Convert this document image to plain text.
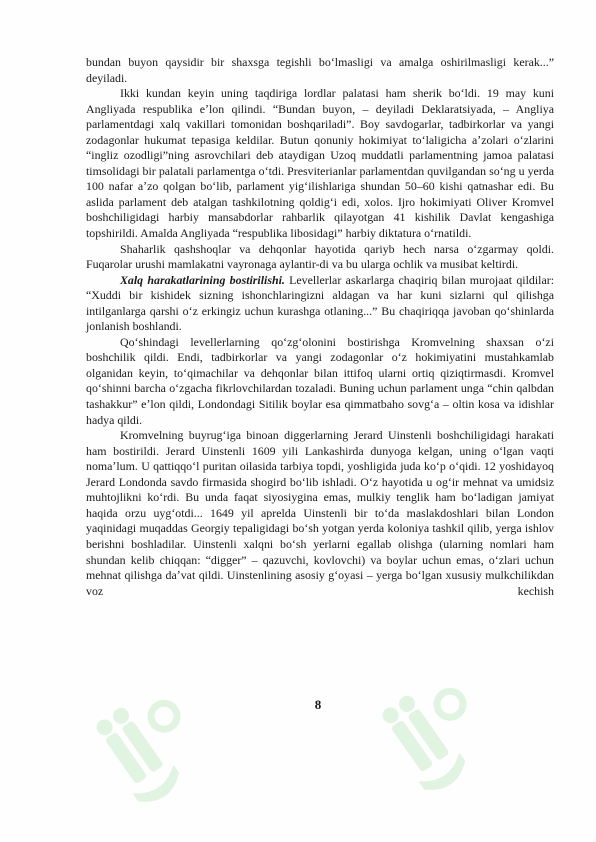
bundan buyon qaysidir bir shaxsga tegishli boʻlmasligi va amalga oshirilmasligi kerak...” deyiladi.

Ikki kundan keyin uning taqdiriga lordlar palatasi ham sherik boʻldi. 19 may kuni Angliyada respublika eʼlon qilindi. “Bundan buyon, – deyiladi Deklaratsiyada, – Angliya parlamentdagi xalq vakillari tomonidan boshqariladi”. Boy savdogarlar, tadbirkorlar va yangi zodagonlar hukumat tepasiga keldilar. Butun qonuniy hokimiyat toʻlaligicha aʼzolari oʻzlarini “ingliz ozodligi”ning asrovchilari deb ataydigan Uzoq muddatli parlamentning jamoa palatasi timsolidagi bir palatali parlamentga oʻtdi. Presviterianlar parlamentdan quvilgandan soʻng u yerda 100 nafar aʼzo qolgan boʻlib, parlament yigʻilishlariga shundan 50–60 kishi qatnashar edi. Bu aslida parlament deb atalgan tashkilotning qoldigʻi edi, xolos. Ijro hokimiyati Oliver Kromvel boshchiligidagi harbiy mansabdorlar rahbarlik qilayotgan 41 kishilik Davlat kengashiga topshirildi. Amalda Angliyada “respublika libosidagi” harbiy diktatura oʻrnatildi.

Shaharlik qashshoqlar va dehqonlar hayotida qariyb hech narsa oʻzgarmay qoldi. Fuqarolar urushi mamlakatni vayronaga aylantir-di va bu ularga ochlik va musibat keltirdi.

Xalq harakatlarining bostirilishi. Levellerlar askarlarga chaqiriq bilan murojaat qildilar: “Xuddi bir kishidek sizning ishonchlaringizni aldagan va har kuni sizlarni qul qilishga intilganlarga qarshi oʻz erkingiz uchun kurashga otlaning...” Bu chaqiriqqa javoban qoʻshinlarda jonlanish boshlandi.

Qoʻshindagi levellerlarning qoʻzgʻolonini bostirishga Kromvelning shaxsan oʻzi boshchilik qildi. Endi, tadbirkorlar va yangi zodagonlar oʻz hokimiyatini mustahkamlab olganidan keyin, toʻqimachilar va dehqonlar bilan ittifoq ularni ortiq qiziqtirmasdi. Kromvel qoʻshinni barcha oʻzgacha fikrlovchilardan tozaladi. Buning uchun parlament unga “chin qalbdan tashakkur” eʼlon qildi, Londondagi Sitilik boylar esa qimmatbaho sovgʻa – oltin kosa va idishlar hadya qildi.

Kromvelning buyrugʻiga binoan diggerlarning Jerard Uinstenli boshchiligidagi harakati ham bostirildi. Jerard Uinstenli 1609 yili Lankashirda dunyoga kelgan, uning oʻlgan vaqti nomaʼlum. U qattiqqoʻl puritan oilasida tarbiya topdi, yoshligida juda koʻp oʻqidi. 12 yoshidayoq Jerard Londonda savdo firmasida shogird boʻlib ishladi. Oʻz hayotida u ogʻir mehnat va umidsiz muhtojlikni koʻrdi. Bu unda faqat siyosiygina emas, mulkiy tenglik ham boʻladigan jamiyat haqida orzu uygʻotdi... 1649 yil aprelda Uinstenli bir toʻda maslakdoshlari bilan London yaqinidagi muqaddas Georgiy tepaligidagi boʻsh yotgan yerda koloniya tashkil qilib, yerga ishlov berishni boshladilar. Uinstenli xalqni boʻsh yerlarni egallab olishga (ularning nomlari ham shundan kelib chiqqan: “digger” – qazuvchi, kovlovchi) va boylar uchun emas, oʻzlari uchun mehnat qilishga daʼvat qildi. Uinstenlining asosiy gʻoyasi – yerga boʻlgan xususiy mulkchilikdan voz kechish

8
